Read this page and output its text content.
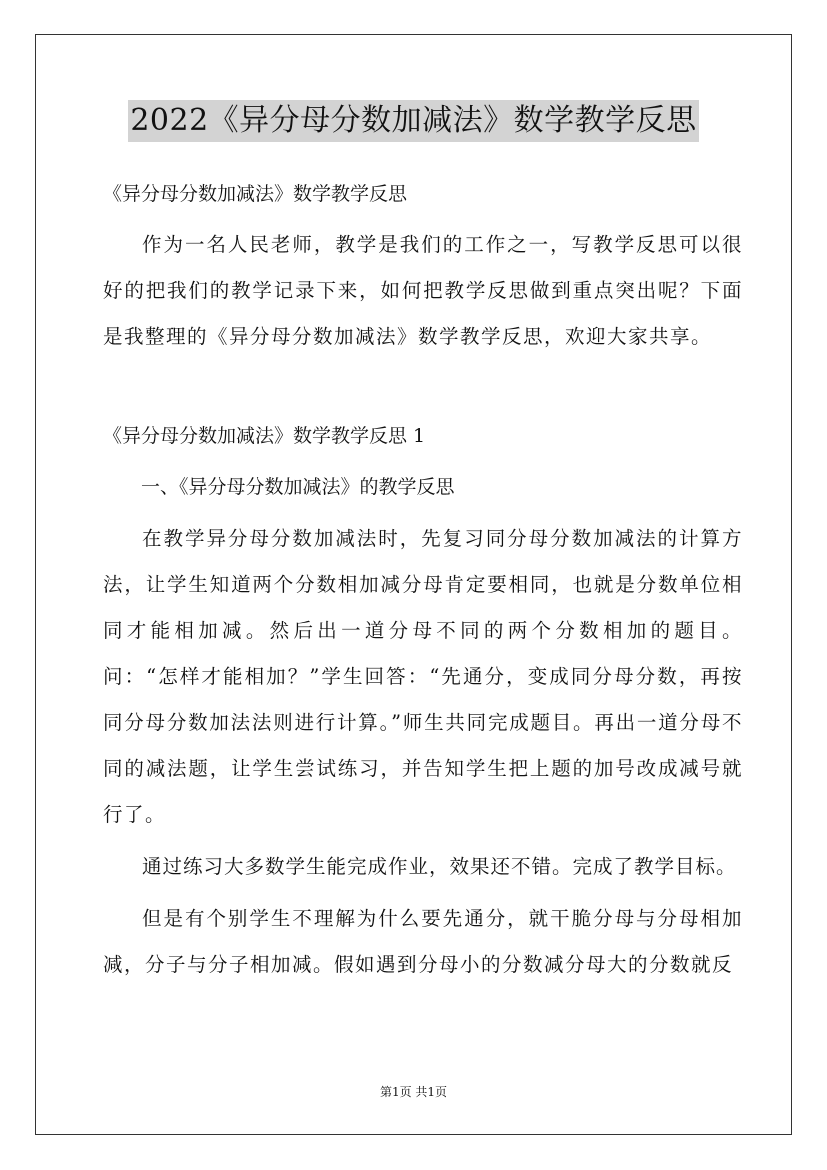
2022《异分母分数加减法》数学教学反思

《异分母分数加减法》数学教学反思

作为一名人民老师，教学是我们的工作之一，写教学反思可以很好的把我们的教学记录下来，如何把教学反思做到重点突出呢？下面是我整理的《异分母分数加减法》数学教学反思，欢迎大家共享。

《异分母分数加减法》数学教学反思 1

一、《异分母分数加减法》的教学反思

在教学异分母分数加减法时，先复习同分母分数加减法的计算方法，让学生知道两个分数相加减分母肯定要相同，也就是分数单位相同才能相加减。然后出一道分母不同的两个分数相加的题目。问：“怎样才能相加？”学生回答：“先通分，变成同分母分数，再按同分母分数加法法则进行计算。”师生共同完成题目。再出一道分母不同的减法题，让学生尝试练习，并告知学生把上题的加号改成减号就行了。

通过练习大多数学生能完成作业，效果还不错。完成了教学目标。

但是有个别学生不理解为什么要先通分，就干脆分母与分母相加减，分子与分子相加减。假如遇到分母小的分数减分母大的分数就反

第1页 共1页
